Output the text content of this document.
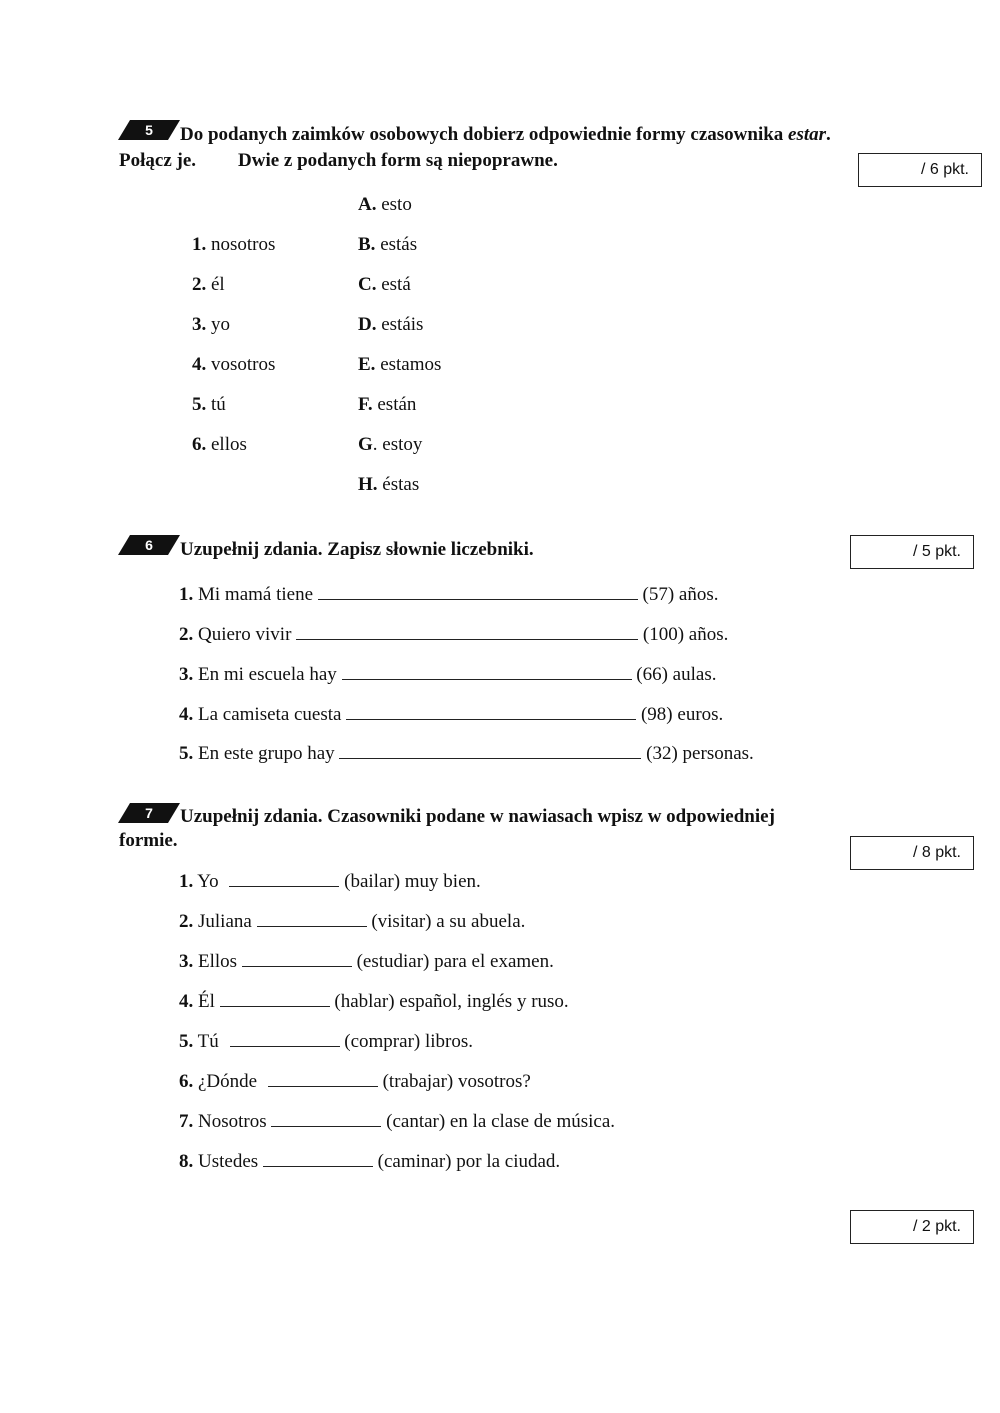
5 Do podanych zaimków osobowych dobierz odpowiednie formy czasownika estar.
Połącz je. Dwie z podanych form są niepoprawne.	/ 6 pkt.
1. nosotros
2. él
3. yo
4. vosotros
5. tú
6. ellos
A. esto
B. estás
C. está
D. estáis
E. estamos
F. están
G. estoy
H. éstas
6 Uzupełnij zdania. Zapisz słownie liczebniki.	/ 5 pkt.
1. Mi mamá tiene	(57) años.
2. Quiero vivir	(100) años.
3. En mi escuela hay	(66) aulas.
4. La camiseta cuesta	(98) euros.
5. En este grupo hay	(32) personas.
7 Uzupełnij zdania. Czasowniki podane w nawiasach wpisz w odpowiedniej
formie.
/ 8 pkt.
1. Yo	(bailar) muy bien.
2. Juliana	(visitar) a su abuela.
3. Ellos	(estudiar) para el examen.
4. Él	(hablar) español, inglés y ruso.
5. Tú	(comprar) libros.
6. ¿Dónde	(trabajar) vosotros?
7. Nosotros	(cantar) en la clase de música.
8. Ustedes	(caminar) por la ciudad.
/ 2 pkt.
